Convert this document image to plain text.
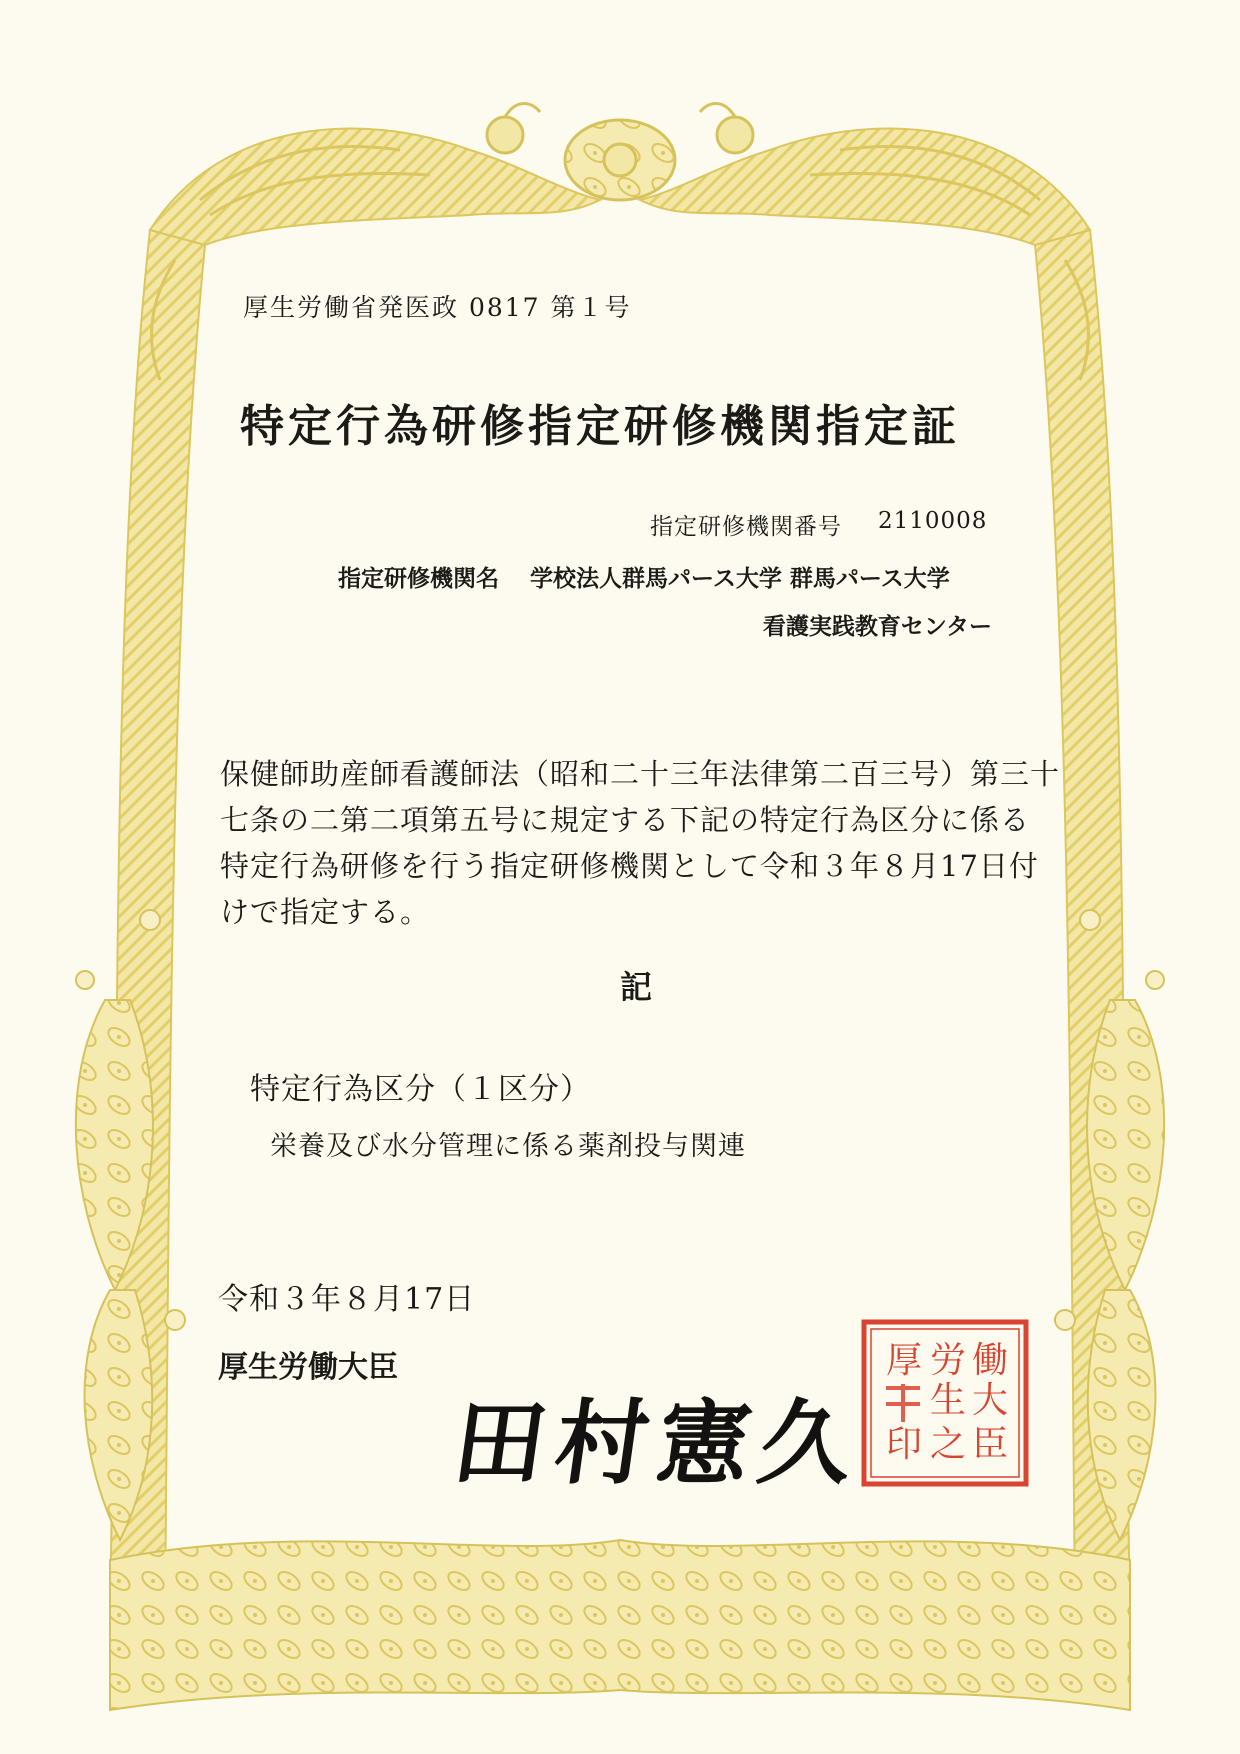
厚生労働省発医政 0817 第１号
特定行為研修指定研修機関指定証
指定研修機関番号 2110008
指定研修機関名 学校法人群馬パース大学 群馬パース大学
看護実践教育センター
保健師助産師看護師法（昭和二十三年法律第二百三号）第三十
七条の二第二項第五号に規定する下記の特定行為区分に係る
特定行為研修を行う指定研修機関として令和３年８月17日付
けで指定する。
記
特定行為区分（１区分）
栄養及び水分管理に係る薬剤投与関連
令和３年８月17日
厚生労働大臣
田村憲久
働
大
臣
労
生
之
厚
印
